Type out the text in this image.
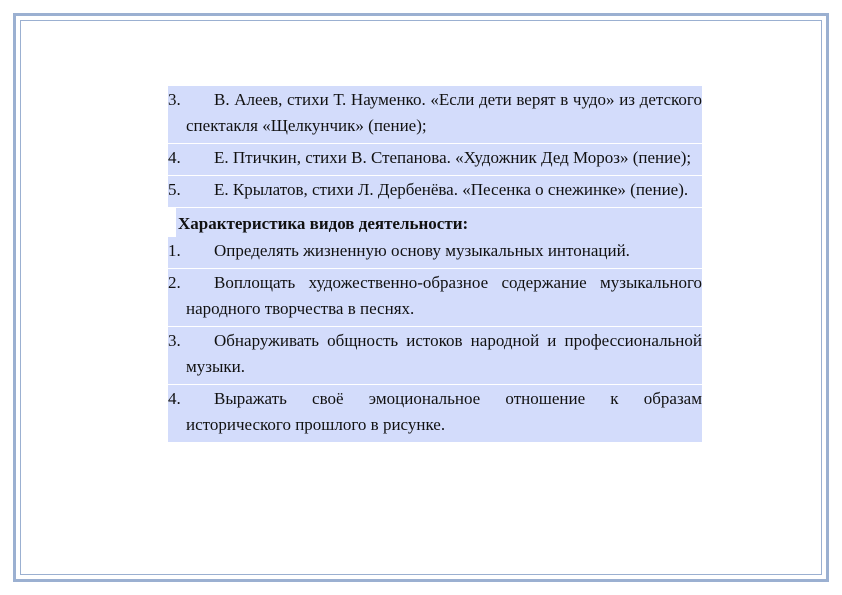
3.	В. Алеев, стихи Т. Науменко. «Если дети верят в чудо» из детского спектакля «Щелкунчик» (пение);
4.	Е. Птичкин, стихи В. Степанова. «Художник Дед Мороз» (пение);
5.	Е. Крылатов, стихи Л. Дербенёва. «Песенка о снежинке» (пение).
Характеристика видов деятельности:
1.	Определять жизненную основу музыкальных интонаций.
2.	Воплощать художественно-образное содержание музыкального народного творчества в песнях.
3.	Обнаруживать общность истоков народной и профессиональной музыки.
4.	Выражать своё эмоциональное отношение к образам исторического прошлого в рисунке.
